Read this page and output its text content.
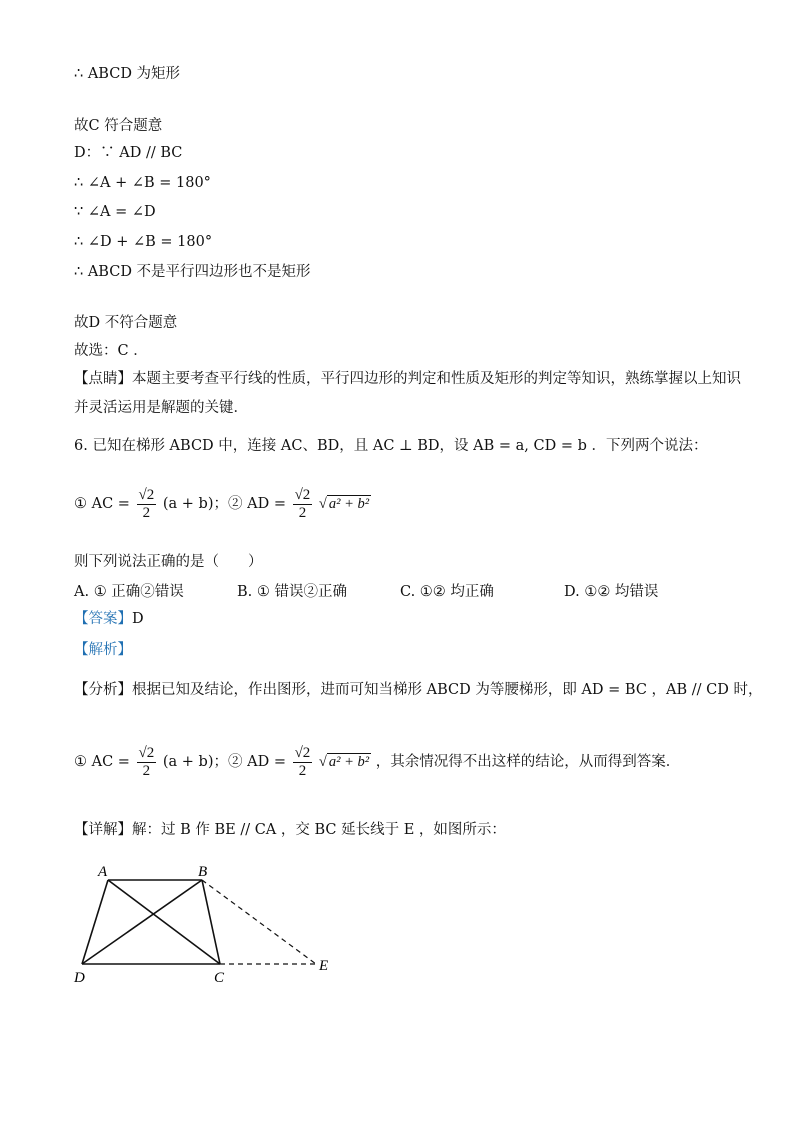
∴ ABCD 为矩形
故C 符合题意
D：∵ AD // BC
∴ ∠A + ∠B = 180°
∵ ∠A = ∠D
∴ ∠D + ∠B = 180°
∴ ABCD 不是平行四边形也不是矩形
故D 不符合题意
故选：C ．
【点睛】本题主要考查平行线的性质，平行四边形的判定和性质及矩形的判定等知识，熟练掌握以上知识
并灵活运用是解题的关键．
6. 已知在梯形 ABCD 中，连接 AC、BD，且 AC ⊥ BD，设 AB = a, CD = b ．下列两个说法：
① AC = $\frac{√2}{2} (a + b)$；② AD = $\frac{√2}{2}$ √ a² + b²
则下列说法正确的是（　　）
A. ① 正确②错误	B. ① 错误②正确	C. ①② 均正确	D. ①② 均错误
【答案】D
【解析】
【分析】根据已知及结论，作出图形，进而可知当梯形 ABCD 为等腰梯形，即 AD = BC ，AB // CD 时，
① AC = $\frac{√2}{2} (a + b)$；② AD = $\frac{√2}{2}$ √ a² + b² ，其余情况得不出这样的结论，从而得到答案．
【详解】解：过 B 作 BE // CA ，交 BC 延长线于 E ，如图所示：
A	B
C
D
E
